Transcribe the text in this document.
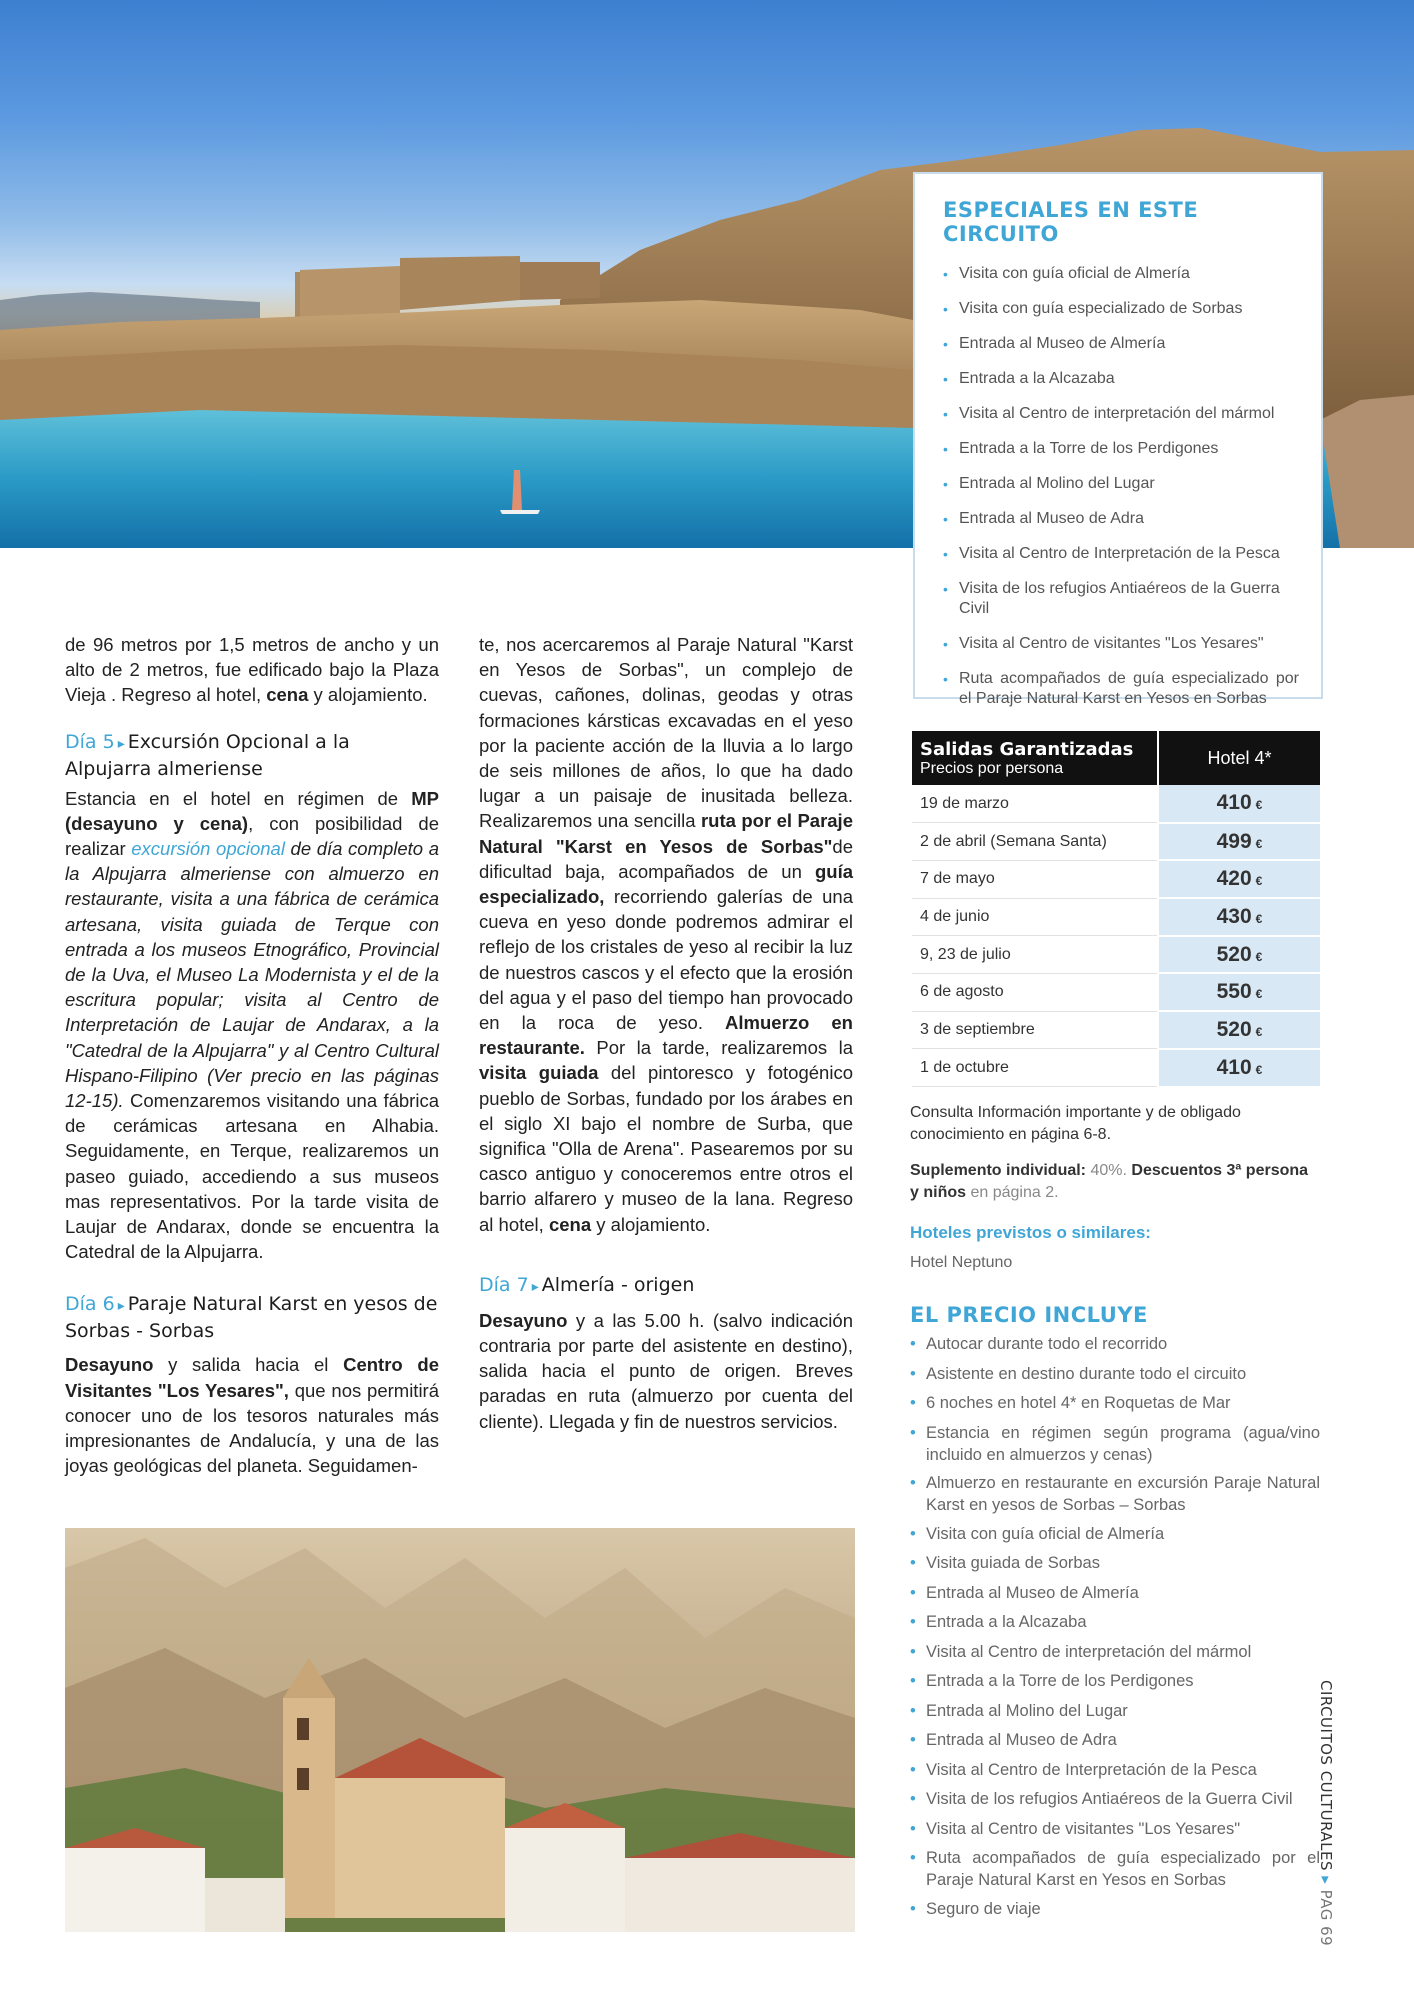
ESPECIALES EN ESTE CIRCUITO
• Visita con guía oficial de Almería
• Visita con guía especializado de Sorbas
• Entrada al Museo de Almería
• Entrada a la Alcazaba
• Visita al Centro de interpretación del mármol
• Entrada a la Torre de los Perdigones
• Entrada al Molino del Lugar
• Entrada al Museo de Adra
• Visita al Centro de Interpretación de la Pesca
• Visita de los refugios Antiaéreos de la Guerra Civil
• Visita al Centro de visitantes "Los Yesares"
• Ruta acompañados de guía especializado por el Paraje Natural Karst en Yesos en Sorbas

de 96 metros por 1,5 metros de ancho y un alto de 2 metros, fue edificado bajo la Plaza Vieja . Regreso al hotel, cena y alojamiento.

Día 5 ▸ Excursión Opcional a la Alpujarra almeriense

Estancia en el hotel en régimen de MP (desayuno y cena), con posibilidad de realizar excursión opcional de día completo a la Alpujarra almeriense con almuerzo en restaurante, visita a una fábrica de cerámica artesana, visita guiada de Terque con entrada a los museos Etnográfico, Provincial de la Uva, el Museo La Modernista y el de la escritura popular; visita al Centro de Interpretación de Laujar de Andarax, a la "Catedral de la Alpujarra" y al Centro Cultural Hispano-Filipino (Ver precio en las páginas 12-15). Comenzaremos visitando una fábrica de cerámicas artesana en Alhabia. Seguidamente, en Terque, realizaremos un paseo guiado, accediendo a sus museos mas representativos. Por la tarde visita de Laujar de Andarax, donde se encuentra la Catedral de la Alpujarra.

Día 6 ▸ Paraje Natural Karst en yesos de Sorbas - Sorbas

Desayuno y salida hacia el Centro de Visitantes "Los Yesares", que nos permitirá conocer uno de los tesoros naturales más impresionantes de Andalucía, y una de las joyas geológicas del planeta. Seguidamen-

te, nos acercaremos al Paraje Natural "Karst en Yesos de Sorbas", un complejo de cuevas, cañones, dolinas, geodas y otras formaciones kársticas excavadas en el yeso por la paciente acción de la lluvia a lo largo de seis millones de años, lo que ha dado lugar a un paisaje de inusitada belleza. Realizaremos una sencilla ruta por el Paraje Natural "Karst en Yesos de Sorbas"de dificultad baja, acompañados de un guía especializado, recorriendo galerías de una cueva en yeso donde podremos admirar el reflejo de los cristales de yeso al recibir la luz de nuestros cascos y el efecto que la erosión del agua y el paso del tiempo han provocado en la roca de yeso. Almuerzo en restaurante. Por la tarde, realizaremos la visita guiada del pintoresco y fotogénico pueblo de Sorbas, fundado por los árabes en el siglo XI bajo el nombre de Surba, que significa "Olla de Arena". Pasearemos por su casco antiguo y conoceremos entre otros el barrio alfarero y museo de la lana. Regreso al hotel, cena y alojamiento.

Día 7 ▸ Almería - origen

Desayuno y a las 5.00 h. (salvo indicación contraria por parte del asistente en destino), salida hacia el punto de origen. Breves paradas en ruta (almuerzo por cuenta del cliente). Llegada y fin de nuestros servicios.

Salidas Garantizadas
Precios por persona	Hotel 4*
19 de marzo	410 €
2 de abril (Semana Santa)	499 €
7 de mayo	420 €
4 de junio	430 €
9, 23 de julio	520 €
6 de agosto	550 €
3 de septiembre	520 €
1 de octubre	410 €

Consulta Información importante y de obligado conocimiento en página 6-8.

Suplemento individual: 40%. Descuentos 3ª persona y niños en página 2.

Hoteles previstos o similares:

Hotel Neptuno

EL PRECIO INCLUYE
• Autocar durante todo el recorrido
• Asistente en destino durante todo el circuito
• 6 noches en hotel 4* en Roquetas de Mar
• Estancia en régimen según programa (agua/vino incluido en almuerzos y cenas)
• Almuerzo en restaurante en excursión Paraje Natural Karst en yesos de Sorbas – Sorbas
• Visita con guía oficial de Almería
• Visita guiada de Sorbas
• Entrada al Museo de Almería
• Entrada a la Alcazaba
• Visita al Centro de interpretación del mármol
• Entrada a la Torre de los Perdigones
• Entrada al Molino del Lugar
• Entrada al Museo de Adra
• Visita al Centro de Interpretación de la Pesca
• Visita de los refugios Antiaéreos de la Guerra Civil
• Visita al Centro de visitantes "Los Yesares"
• Ruta acompañados de guía especializado por el Paraje Natural Karst en Yesos en Sorbas
• Seguro de viaje
CIRCUITOS CULTURALES ▸ PAG 69
